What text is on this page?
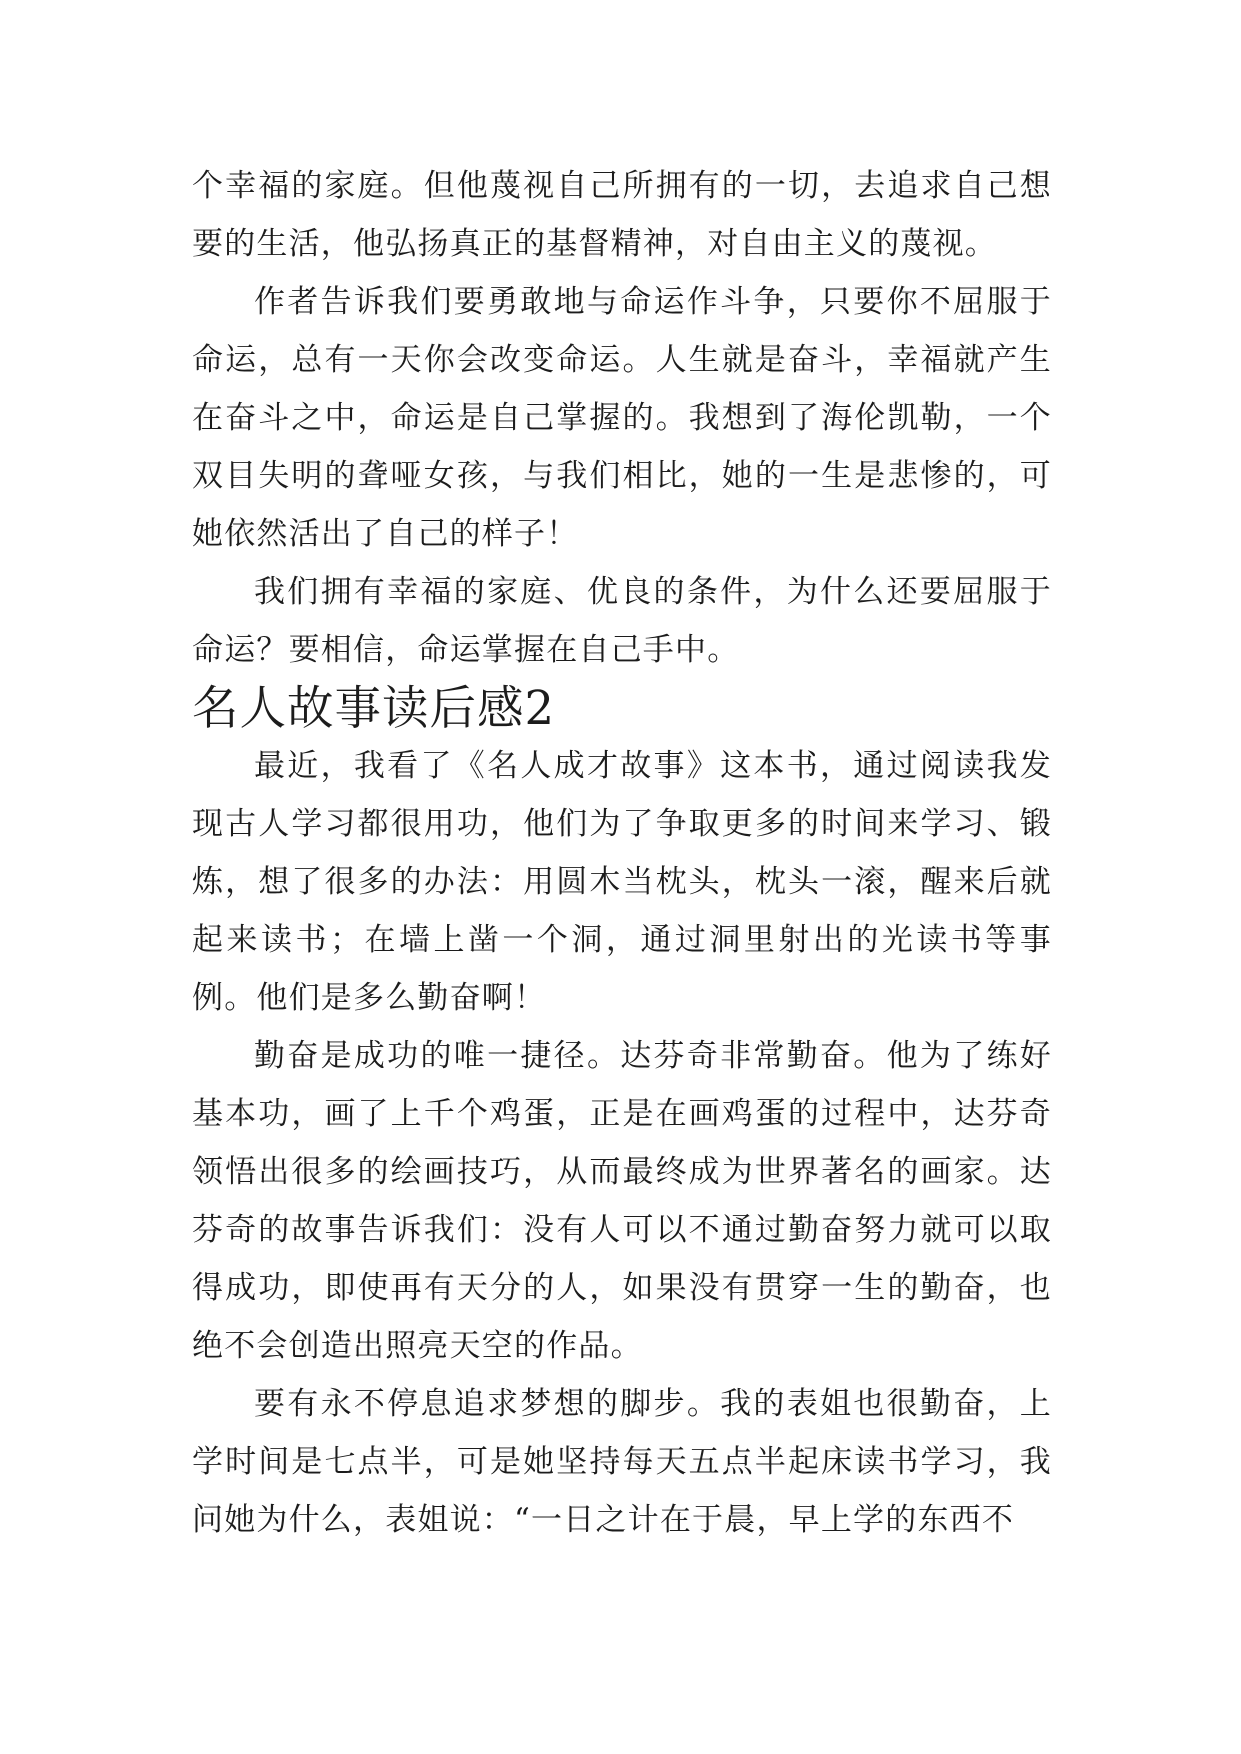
个幸福的家庭。但他蔑视自己所拥有的一切，去追求自己想要的生活，他弘扬真正的基督精神，对自由主义的蔑视。

作者告诉我们要勇敢地与命运作斗争，只要你不屈服于命运，总有一天你会改变命运。人生就是奋斗，幸福就产生在奋斗之中，命运是自己掌握的。我想到了海伦凯勒，一个双目失明的聋哑女孩，与我们相比，她的一生是悲惨的，可她依然活出了自己的样子！

我们拥有幸福的家庭、优良的条件，为什么还要屈服于命运？要相信，命运掌握在自己手中。

名人故事读后感2

最近，我看了《名人成才故事》这本书，通过阅读我发现古人学习都很用功，他们为了争取更多的时间来学习、锻炼，想了很多的办法：用圆木当枕头，枕头一滚，醒来后就起来读书；在墙上凿一个洞，通过洞里射出的光读书等事例。他们是多么勤奋啊！

勤奋是成功的唯一捷径。达芬奇非常勤奋。他为了练好基本功，画了上千个鸡蛋，正是在画鸡蛋的过程中，达芬奇领悟出很多的绘画技巧，从而最终成为世界著名的画家。达芬奇的故事告诉我们：没有人可以不通过勤奋努力就可以取得成功，即使再有天分的人，如果没有贯穿一生的勤奋，也绝不会创造出照亮天空的作品。

要有永不停息追求梦想的脚步。我的表姐也很勤奋，上学时间是七点半，可是她坚持每天五点半起床读书学习，我问她为什么，表姐说：“一日之计在于晨，早上学的东西不
